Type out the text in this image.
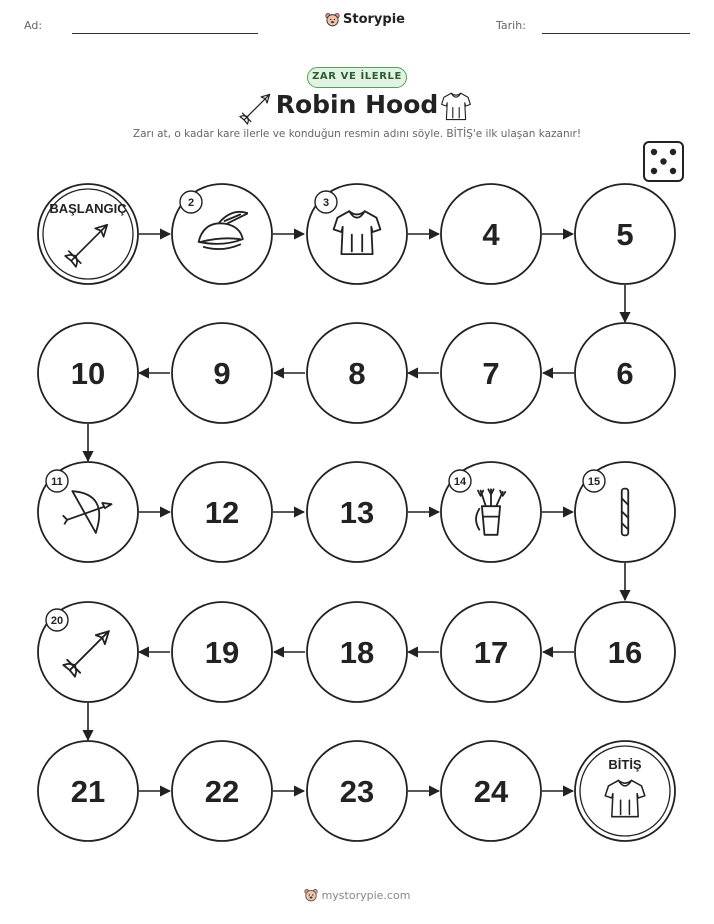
Ad:	Storypie	Tarih:
ZAR VE İLERLE
Robin Hood
Zarı at, o kadar kare ilerle ve konduğun resmin adını söyle. BİTİŞ'e ilk ulaşan kazanır!
BAŞLANGIÇ	2	3
4	5
6
7
8
9
10
11
12	13
14	15
16
17
18
19
20
21	22	23	24
BİTİŞ
mystorypie.com
